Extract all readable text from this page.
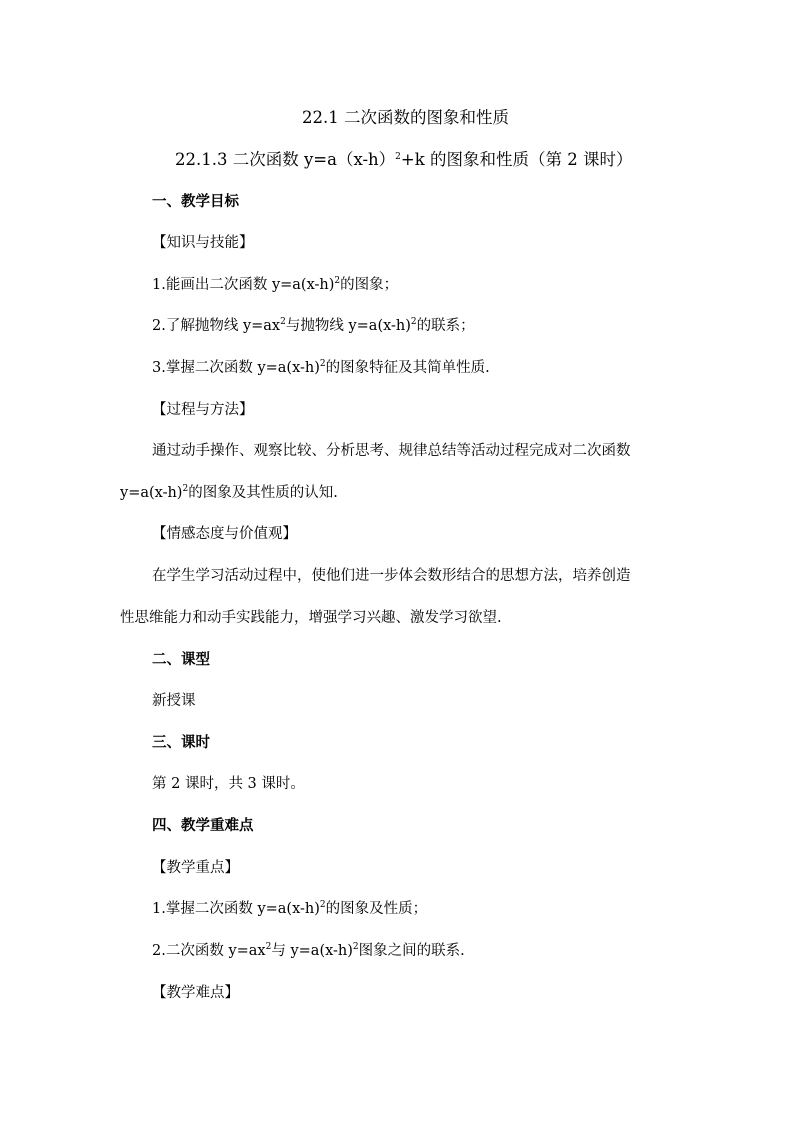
22.1 二次函数的图象和性质
22.1.3 二次函数 $y=a(x-h)^2+k$ 的图象和性质（第 2 课时）
一、教学目标
【知识与技能】
1.能画出二次函数 $y=a(x-h)^2$的图象；
2.了解抛物线 $y=ax^2$与抛物线 $y=a(x-h)^2$的联系；
3.掌握二次函数 $y=a(x-h)^2$的图象特征及其简单性质.
【过程与方法】
通过动手操作、观察比较、分析思考、规律总结等活动过程完成对二次函数
$y=a(x-h)^2$的图象及其性质的认知.
【情感态度与价值观】
在学生学习活动过程中，使他们进一步体会数形结合的思想方法，培养创造
性思维能力和动手实践能力，增强学习兴趣、激发学习欲望.
二、课型
新授课
三、课时
第 2 课时，共 3 课时。
四、教学重难点
【教学重点】
1.掌握二次函数 $y=a(x-h)^2$的图象及性质；
2.二次函数 $y=ax^2$与 $y=a(x-h)^2$图象之间的联系.
【教学难点】
